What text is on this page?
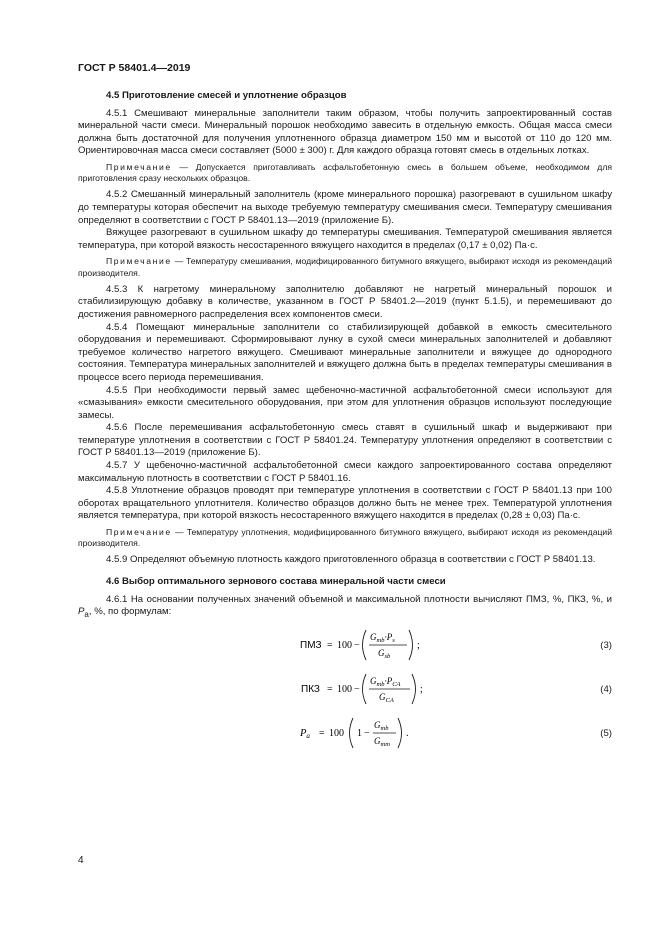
ГОСТ Р 58401.4—2019
4.5 Приготовление смесей и уплотнение образцов
4.5.1 Смешивают минеральные заполнители таким образом, чтобы получить запроектированный состав минеральной части смеси. Минеральный порошок необходимо завесить в отдельную емкость. Общая масса смеси должна быть достаточной для получения уплотненного образца диаметром 150 мм и высотой от 110 до 120 мм. Ориентировочная масса смеси составляет (5000 ± 300) г. Для каждого образца готовят смесь в отдельных лотках.
Примечание — Допускается приготавливать асфальтобетонную смесь в большем объеме, необходимом для приготовления сразу нескольких образцов.
4.5.2 Смешанный минеральный заполнитель (кроме минерального порошка) разогревают в сушильном шкафу до температуры которая обеспечит на выходе требуемую температуру смешивания смеси. Температуру смешивания определяют в соответствии с ГОСТ Р 58401.13—2019 (приложение Б).
Вяжущее разогревают в сушильном шкафу до температуры смешивания. Температурой смешивания является температура, при которой вязкость несостаренного вяжущего находится в пределах (0,17 ± 0,02) Па·с.
Примечание — Температуру смешивания, модифицированного битумного вяжущего, выбирают исходя из рекомендаций производителя.
4.5.3 К нагретому минеральному заполнителю добавляют не нагретый минеральный порошок и стабилизирующую добавку в количестве, указанном в ГОСТ Р 58401.2—2019 (пункт 5.1.5), и перемешивают до достижения равномерного распределения всех компонентов смеси.
4.5.4 Помещают минеральные заполнители со стабилизирующей добавкой в емкость смесительного оборудования и перемешивают. Сформировывают лунку в сухой смеси минеральных заполнителей и добавляют требуемое количество нагретого вяжущего. Смешивают минеральные заполнители и вяжущее до однородного состояния. Температура минеральных заполнителей и вяжущего должна быть в пределах температуры смешивания в процессе всего периода перемешивания.
4.5.5 При необходимости первый замес щебеночно-мастичной асфальтобетонной смеси используют для «смазывания» емкости смесительного оборудования, при этом для уплотнения образцов используют последующие замесы.
4.5.6 После перемешивания асфальтобетонную смесь ставят в сушильный шкаф и выдерживают при температуре уплотнения в соответствии с ГОСТ Р 58401.24. Температуру уплотнения определяют в соответствии с ГОСТ Р 58401.13—2019 (приложение Б).
4.5.7 У щебеночно-мастичной асфальтобетонной смеси каждого запроектированного состава определяют максимальную плотность в соответствии с ГОСТ Р 58401.16.
4.5.8 Уплотнение образцов проводят при температуре уплотнения в соответствии с ГОСТ Р 58401.13 при 100 оборотах вращательного уплотнителя. Количество образцов должно быть не менее трех. Температурой уплотнения является температура, при которой вязкость несостаренного вяжущего находится в пределах (0,28 ± 0,03) Па·с.
Примечание — Температуру уплотнения, модифицированного битумного вяжущего, выбирают исходя из рекомендаций производителя.
4.5.9 Определяют объемную плотность каждого приготовленного образца в соответствии с ГОСТ Р 58401.13.
4.6 Выбор оптимального зернового состава минеральной части смеси
4.6.1 На основании полученных значений объемной и максимальной плотности вычисляют ПМЗ, %, ПКЗ, %, и $P_a$, %, по формулам:
ПМЗ = 100 −
$G_{mb}\cdot P_s$
$G_{sb}$
;	(3)
ПКЗ = 100 −
$G_{mb}\cdot P_{CA}$
$G_{CA}$
;	(4)
Pa = 100 1 −
$G_{mb}$
$G_{mm}$
.	(5)
4
